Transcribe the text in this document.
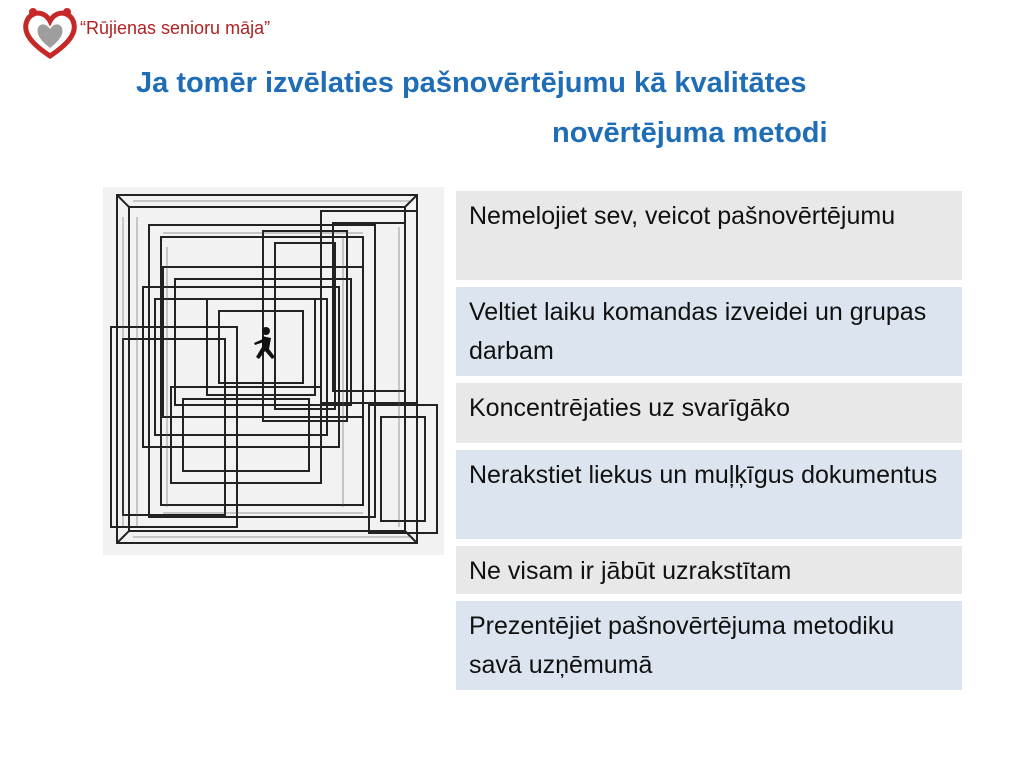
“Rūjienas senioru māja”
Ja tomēr izvēlaties pašnovērtējumu kā kvalitātes
novērtējuma metodi
Nemelojiet sev, veicot pašnovērtējumu
Veltiet laiku komandas izveidei un grupas darbam
Koncentrējaties uz svarīgāko
Nerakstiet liekus un muļķīgus dokumentus
Ne visam ir jābūt uzrakstītam
Prezentējiet pašnovērtējuma metodiku savā uzņēmumā
